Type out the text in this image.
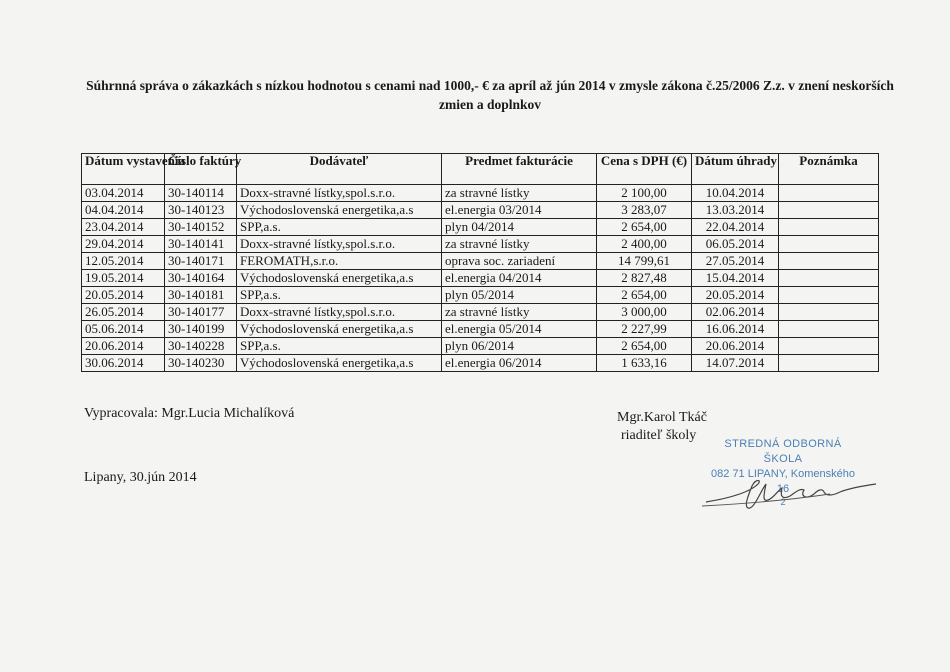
Súhrnná správa o zákazkách s nízkou hodnotou s cenami nad 1000,- € za apríl až jún 2014 v zmysle zákona č.25/2006 Z.z. v znení neskorších zmien a doplnkov
Dátum vystavenia	Číslo faktúry	Dodávateľ	Predmet fakturácie	Cena s DPH (€)	Dátum úhrady	Poznámka
03.04.2014	30-140114	Doxx-stravné lístky,spol.s.r.o.	za stravné lístky	2 100,00	10.04.2014	
04.04.2014	30-140123	Východoslovenská energetika,a.s	el.energia 03/2014	3 283,07	13.03.2014	
23.04.2014	30-140152	SPP,a.s.	plyn 04/2014	2 654,00	22.04.2014	
29.04.2014	30-140141	Doxx-stravné lístky,spol.s.r.o.	za stravné lístky	2 400,00	06.05.2014	
12.05.2014	30-140171	FEROMATH,s.r.o.	oprava soc. zariadení	14 799,61	27.05.2014	
19.05.2014	30-140164	Východoslovenská energetika,a.s	el.energia 04/2014	2 827,48	15.04.2014	
20.05.2014	30-140181	SPP,a.s.	plyn 05/2014	2 654,00	20.05.2014	
26.05.2014	30-140177	Doxx-stravné lístky,spol.s.r.o.	za stravné lístky	3 000,00	02.06.2014	
05.06.2014	30-140199	Východoslovenská energetika,a.s	el.energia 05/2014	2 227,99	16.06.2014	
20.06.2014	30-140228	SPP,a.s.	plyn 06/2014	2 654,00	20.06.2014	
30.06.2014	30-140230	Východoslovenská energetika,a.s	el.energia 06/2014	1 633,16	14.07.2014	
Vypracovala: Mgr.Lucia Michalíková
Lipany, 30.jún 2014
Mgr.Karol Tkáč
riaditeľ školy
STREDNÁ ODBORNÁ ŠKOLA
082 71 LIPANY, Komenského 16
2
